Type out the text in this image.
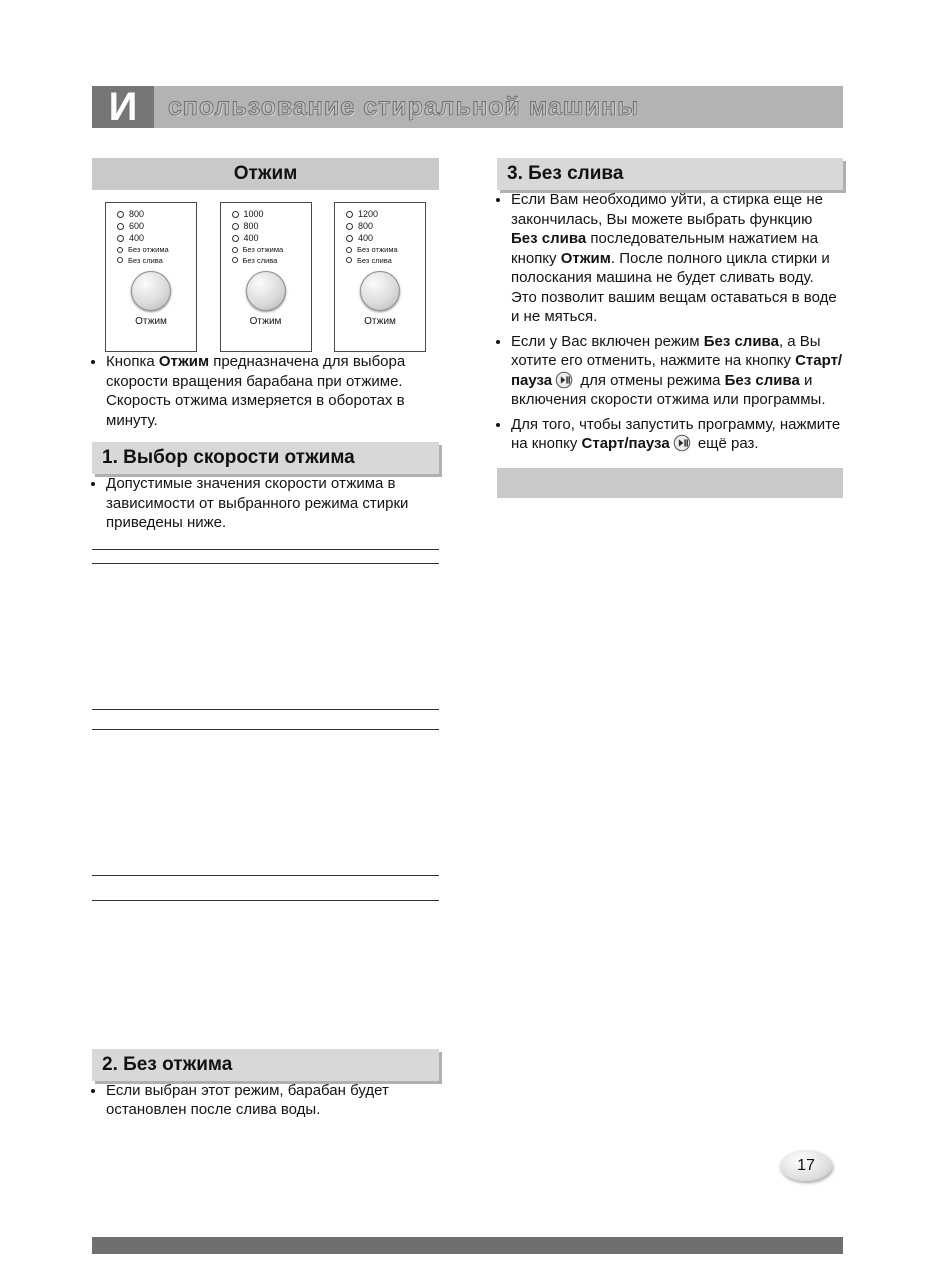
И	спользование стиральной машины
Отжим
800
600
400
Без отжима
Без слива
Отжим
1000
800
400
Без отжима
Без слива
Отжим
1200
800
400
Без отжима
Без слива
Отжим
• Кнопка Отжим предназначена для выбора скорости вращения барабана при отжиме. Скорость отжима измеряется в оборотах в минуту.
1. Выбор скорости отжима
• Допустимые значения скорости отжима в зависимости от выбранного режима стирки приведены ниже.
2. Без отжима
• Если выбран этот режим, барабан будет остановлен после слива воды.
3. Без слива
• Если Вам необходимо уйти, а стирка еще не закончилась, Вы можете выбрать функцию Без слива последовательным нажатием на кнопку Отжим. После полного цикла стирки и полоскания машина не будет сливать воду. Это позволит вашим вещам оставаться в воде и не мяться.
• Если у Вас включен режим Без слива, а Вы хотите его отменить, нажмите на кнопку Старт/пауза для отмены режима Без слива и включения скорости отжима или программы.
• Для того, чтобы запустить программу, нажмите на кнопку Старт/пауза ещё раз.
17
